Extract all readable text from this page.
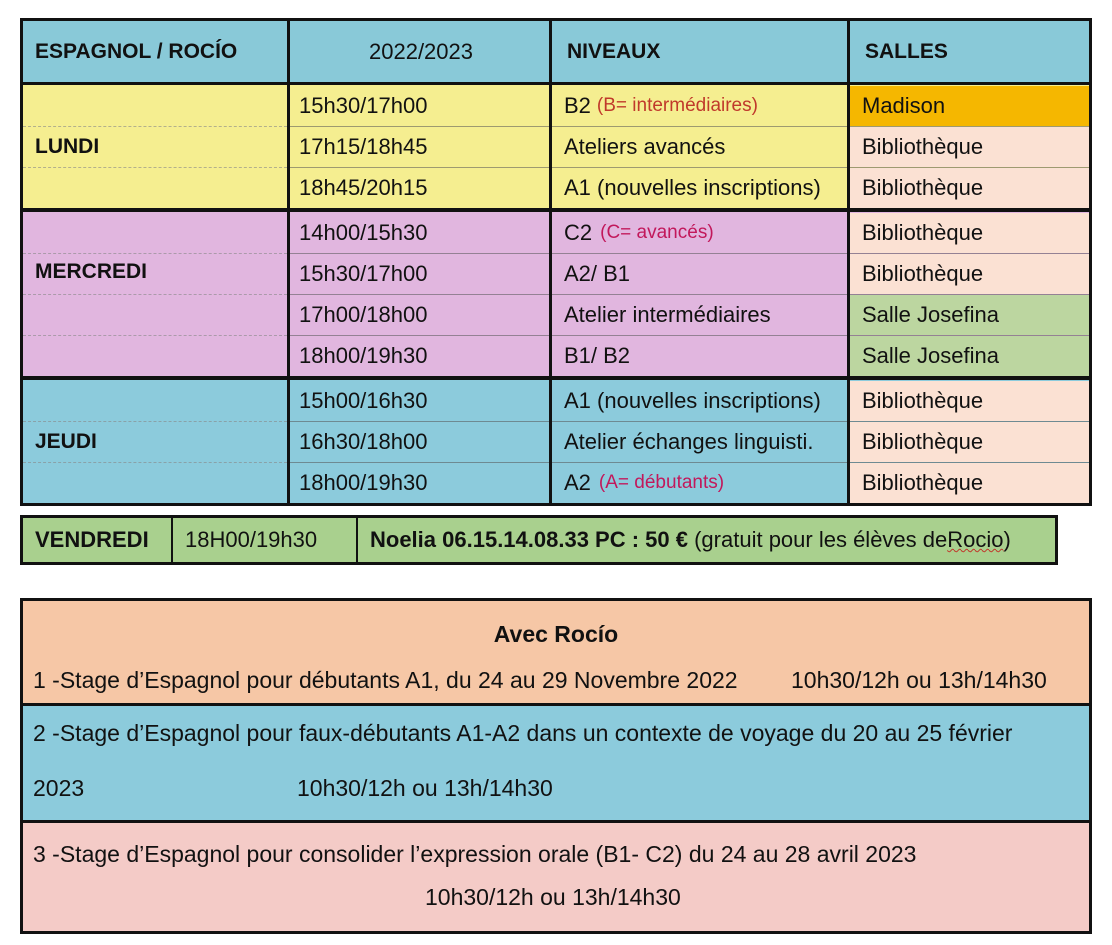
ESPAGNOL / ROCÍO	2022/2023	NIVEAUX	SALLES
LUNDI
15h30/17h00	B2 (B= intermédiaires)	Madison
17h15/18h45	Ateliers avancés	Bibliothèque
18h45/20h15	A1 (nouvelles inscriptions)	Bibliothèque
MERCREDI
14h00/15h30	C2 (C= avancés)	Bibliothèque
15h30/17h00	A2/ B1	Bibliothèque
17h00/18h00	Atelier intermédiaires	Salle Josefina
18h00/19h30	B1/ B2	Salle Josefina
JEUDI
15h00/16h30	A1 (nouvelles inscriptions)	Bibliothèque
16h30/18h00	Atelier échanges linguisti.	Bibliothèque
18h00/19h30	A2 (A= débutants)	Bibliothèque
VENDREDI	18H00/19h30	Noelia 06.15.14.08.33 PC : 50 €
(gratuit pour les élèves de Rocio )
Avec Rocío
1 -Stage d’Espagnol pour débutants A1, du 24 au 29 Novembre 2022 10h30/12h ou 13h/14h30
2 -Stage d’Espagnol pour faux-débutants A1-A2 dans un contexte de voyage du 20 au 25 février
2023	10h30/12h ou 13h/14h30
3 -Stage d’Espagnol pour consolider l’expression orale (B1- C2) du 24 au 28 avril 2023
10h30/12h ou 13h/14h30
